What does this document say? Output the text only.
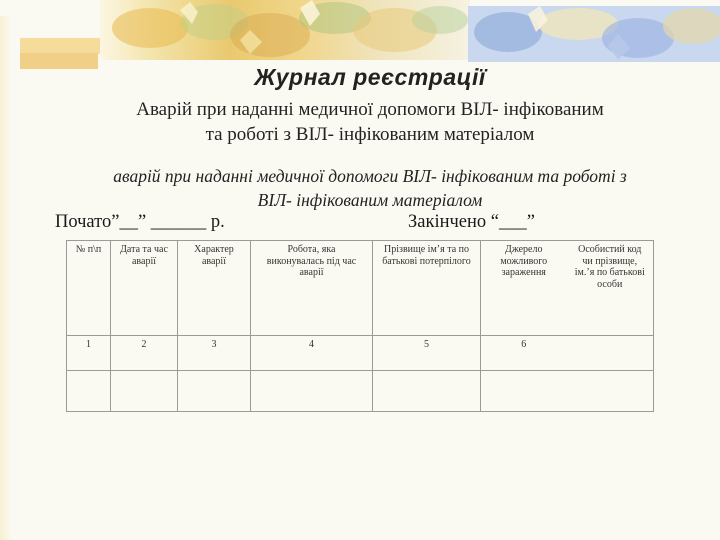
Журнал реєстрації
Аварій при наданні медичної допомоги ВІЛ- інфікованим
та роботі з ВІЛ- інфікованим матеріалом
аварій при наданні медичної допомоги ВІЛ- інфікованим та роботі з
ВІЛ- інфікованим матеріалом
Почато”__” ______ р.	Закінчено “___”
№ п\п	Дата та час аварії	Характер аварії	Робота, яка виконувалась під час аварії	Прізвище ім’я та по батькові потерпілого	Джерело можливого зараження	Особистий код чи прізвище, ім.’я по батькові особи
1	2	3	4	5	6	
